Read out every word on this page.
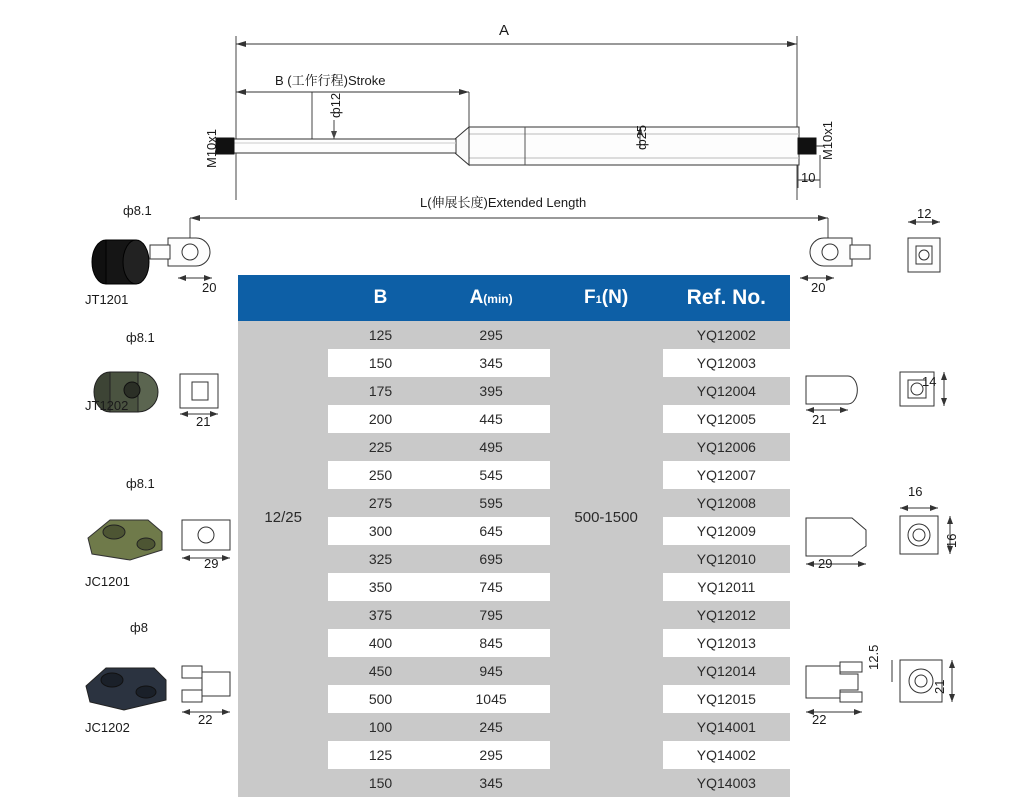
A
B (工作行程)Stroke
L(伸展长度)Extended Length
ф12
ф25
M10x1	M10x1
10
12
20	20
ф8.1
JT1201
ф8.1
21
JT1202
ф8.1
29
JC1201
ф8
22
JC1202
14
21
16
16
29
12.5
21
22
	B	A(min)	F1(N)	Ref. No.
12/25	125	295	500-1500	YQ12002
	150	345		YQ12003
	175	395		YQ12004
	200	445		YQ12005
	225	495		YQ12006
	250	545		YQ12007
	275	595		YQ12008
	300	645		YQ12009
	325	695		YQ12010
	350	745		YQ12011
	375	795		YQ12012
	400	845		YQ12013
	450	945		YQ12014
	500	1045		YQ12015
	100	245		YQ14001
	125	295		YQ14002
	150	345		YQ14003
